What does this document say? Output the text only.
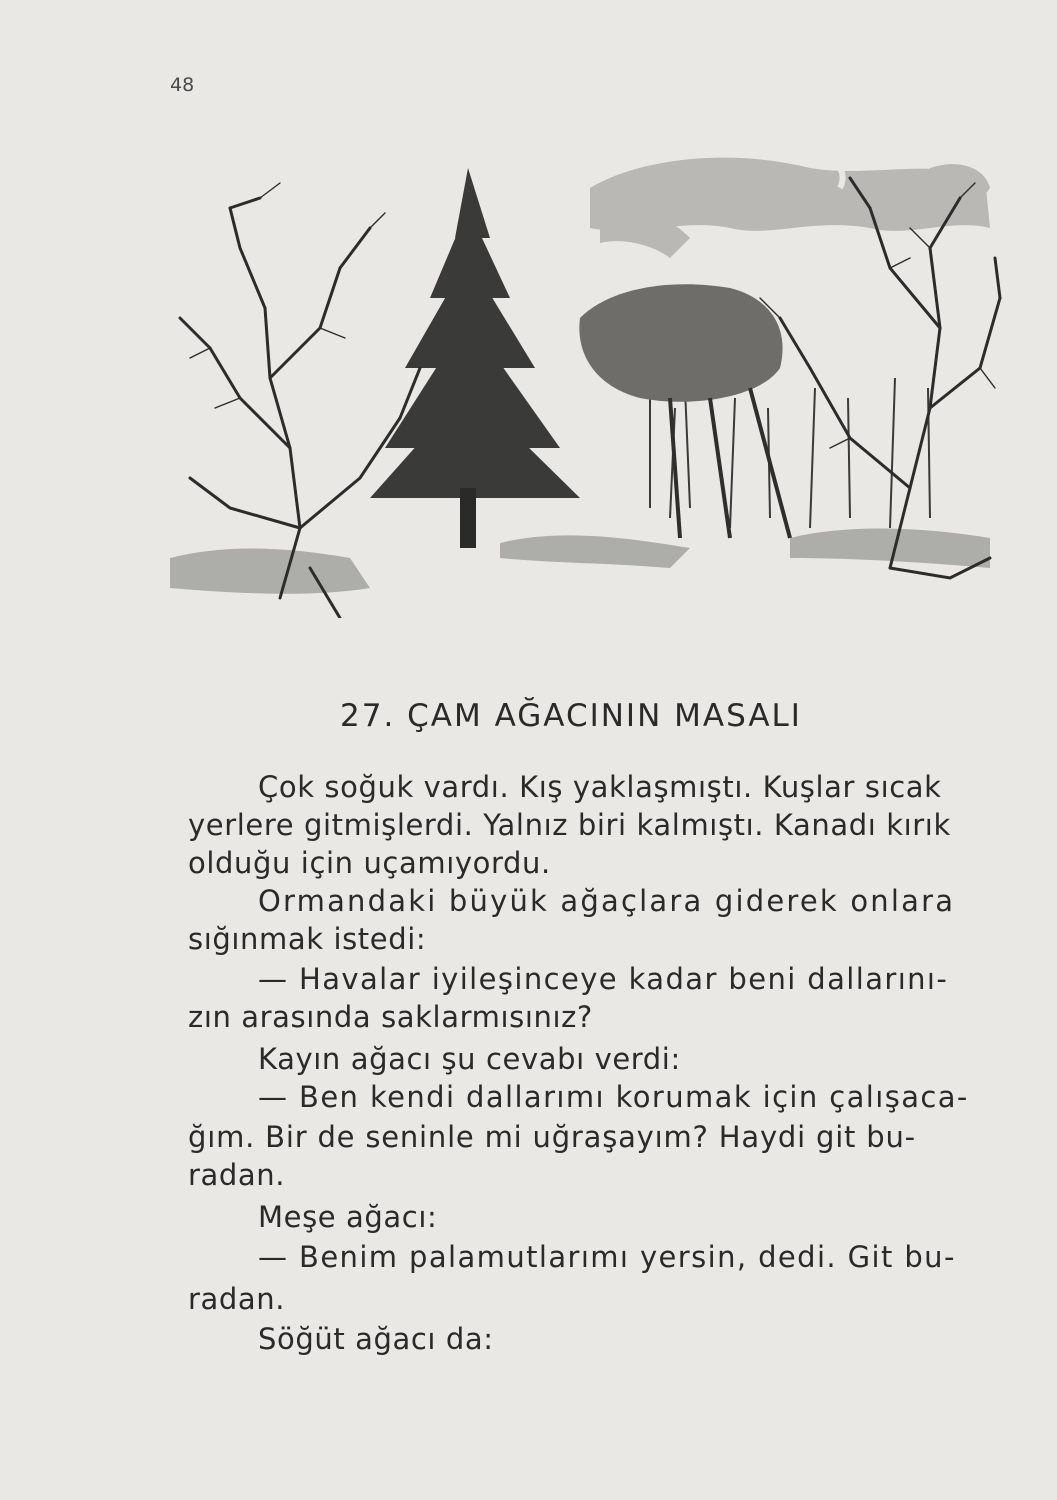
48
27. ÇAM AĞACININ MASALI
Çok soğuk vardı. Kış yaklaşmıştı. Kuşlar sıcak
yerlere gitmişlerdi. Yalnız biri kalmıştı. Kanadı kırık
olduğu için uçamıyordu.
Ormandaki büyük ağaçlara giderek onlara
sığınmak istedi:
— Havalar iyileşinceye kadar beni dallarını-
zın arasında saklarmısınız?
Kayın ağacı şu cevabı verdi:
— Ben kendi dallarımı korumak için çalışaca-
ğım. Bir de seninle mi uğraşayım? Haydi git bu-
radan.
Meşe ağacı:
— Benim palamutlarımı yersin, dedi. Git bu-
radan.
Söğüt ağacı da:
